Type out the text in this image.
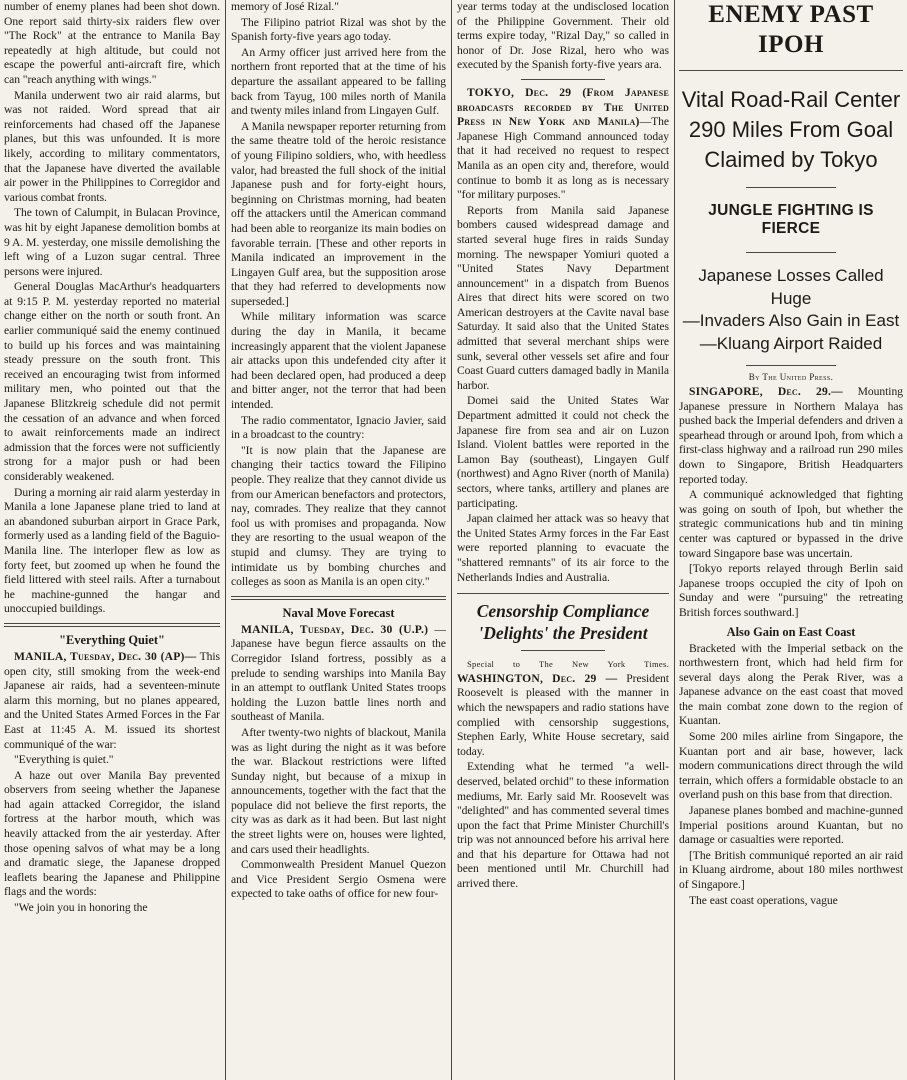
number of enemy planes had been shot down. One report said thirty-six raiders flew over "The Rock" at the entrance to Manila Bay repeatedly at high altitude, but could not escape the powerful anti-aircraft fire, which can "reach anything with wings."

Manila underwent two air raid alarms, but was not raided. Word spread that air reinforcements had chased off the Japanese planes, but this was unfounded. It is more likely, according to military commentators, that the Japanese have diverted the available air power in the Philippines to Corregidor and various combat fronts.

The town of Calumpit, in Bulacan Province, was hit by eight Japanese demolition bombs at 9 A. M. yesterday, one missile demolishing the left wing of a Luzon sugar central. Three persons were injured.

General Douglas MacArthur's headquarters at 9:15 P. M. yesterday reported no material change either on the north or south front. An earlier communiqué said the enemy continued to build up his forces and was maintaining steady pressure on the south front. This received an encouraging twist from informed military men, who pointed out that the Japanese Blitzkreig schedule did not permit the cessation of an advance and when forced to await reinforcements made an indirect admission that the forces were not sufficiently strong for a major push or had been considerably weakened.

During a morning air raid alarm yesterday in Manila a lone Japanese plane tried to land at an abandoned suburban airport in Grace Park, formerly used as a landing field of the Baguio-Manila line. The interloper flew as low as forty feet, but zoomed up when he found the field littered with steel rails. After a turnabout he machine-gunned the hangar and unoccupied buildings.

"Everything Quiet"

MANILA, Tuesday, Dec. 30 (AP)— This open city, still smoking from the week-end Japanese air raids, had a seventeen-minute alarm this morning, but no planes appeared, and the United States Armed Forces in the Far East at 11:45 A. M. issued its shortest communiqué of the war:

"Everything is quiet."

A haze out over Manila Bay prevented observers from seeing whether the Japanese had again attacked Corregidor, the island fortress at the harbor mouth, which was heavily attacked from the air yesterday. After those opening salvos of what may be a long and dramatic siege, the Japanese dropped leaflets bearing the Japanese and Philippine flags and the words:

"We join you in honoring the

memory of José Rizal."

The Filipino patriot Rizal was shot by the Spanish forty-five years ago today.

An Army officer just arrived here from the northern front reported that at the time of his departure the assailant appeared to be falling back from Tayug, 100 miles north of Manila and twenty miles inland from Lingayen Gulf.

A Manila newspaper reporter returning from the same theatre told of the heroic resistance of young Filipino soldiers, who, with heedless valor, had breasted the full shock of the initial Japanese push and for forty-eight hours, beginning on Christmas morning, had beaten off the attackers until the American command had been able to reorganize its main bodies on favorable terrain. [These and other reports in Manila indicated an improvement in the Lingayen Gulf area, but the supposition arose that they had referred to developments now superseded.]

While military information was scarce during the day in Manila, it became increasingly apparent that the violent Japanese air attacks upon this undefended city after it had been declared open, had produced a deep and bitter anger, not the terror that had been intended.

The radio commentator, Ignacio Javier, said in a broadcast to the country:

"It is now plain that the Japanese are changing their tactics toward the Filipino people. They realize that they cannot divide us from our American benefactors and protectors, nay, comrades. They realize that they cannot fool us with promises and propaganda. Now they are resorting to the usual weapon of the stupid and clumsy. They are trying to intimidate us by bombing churches and colleges as soon as Manila is an open city."

Naval Move Forecast

MANILA, Tuesday, Dec. 30 (U.P.) —Japanese have begun fierce assaults on the Corregidor Island fortress, possibly as a prelude to sending warships into Manila Bay in an attempt to outflank United States troops holding the Luzon battle lines north and southeast of Manila.

After twenty-two nights of blackout, Manila was as light during the night as it was before the war. Blackout restrictions were lifted Sunday night, but because of a mixup in announcements, together with the fact that the populace did not believe the first reports, the city was as dark as it had been. But last night the street lights were on, houses were lighted, and cars used their headlights.

Commonwealth President Manuel Quezon and Vice President Sergio Osmena were expected to take oaths of office for new four-

year terms today at the undisclosed location of the Philippine Government. Their old terms expire today, "Rizal Day," so called in honor of Dr. Jose Rizal, hero who was executed by the Spanish forty-five years ara.

TOKYO, Dec. 29 (From Japanese broadcasts recorded by The United Press in New York and Manila)—The Japanese High Command announced today that it had received no request to respect Manila as an open city and, therefore, would continue to bomb it as long as is necessary "for military purposes."

Reports from Manila said Japanese bombers caused widespread damage and started several huge fires in raids Sunday morning. The newspaper Yomiuri quoted a "United States Navy Department announcement" in a dispatch from Buenos Aires that direct hits were scored on two American destroyers at the Cavite naval base Saturday. It said also that the United States admitted that several merchant ships were sunk, several other vessels set afire and four Coast Guard cutters damaged badly in Manila harbor.

Domei said the United States War Department admitted it could not check the Japanese fire from sea and air on Luzon Island. Violent battles were reported in the Lamon Bay (southeast), Lingayen Gulf (northwest) and Agno River (north of Manila) sectors, where tanks, artillery and planes are participating.

Japan claimed her attack was so heavy that the United States Army forces in the Far East were reported planning to evacuate the "shattered remnants" of its air force to the Netherlands Indies and Australia.

Censorship Compliance
'Delights' the President

Special to The New York Times. WASHINGTON, Dec. 29 — President Roosevelt is pleased with the manner in which the newspapers and radio stations have complied with censorship suggestions, Stephen Early, White House secretary, said today.

Extending what he termed "a well-deserved, belated orchid" to these information mediums, Mr. Early said Mr. Roosevelt was "delighted" and has commented several times upon the fact that Prime Minister Churchill's trip was not announced before his arrival here and that his departure for Ottawa had not been mentioned until Mr. Churchill had arrived there.

ENEMY PAST IPOH
Vital Road-Rail Center
290 Miles From Goal
Claimed by Tokyo
JUNGLE FIGHTING IS FIERCE
Japanese Losses Called Huge
—Invaders Also Gain in East
—Kluang Airport Raided
By The United Press.

SINGAPORE, Dec. 29.— Mounting Japanese pressure in Northern Malaya has pushed back the Imperial defenders and driven a spearhead through or around Ipoh, from which a first-class highway and a railroad run 290 miles down to Singapore, British Headquarters reported today.

A communiqué acknowledged that fighting was going on south of Ipoh, but whether the strategic communications hub and tin mining center was captured or bypassed in the drive toward Singapore base was uncertain.

[Tokyo reports relayed through Berlin said Japanese troops occupied the city of Ipoh on Sunday and were "pursuing" the retreating British forces southward.]

Also Gain on East Coast

Bracketed with the Imperial setback on the northwestern front, which had held firm for several days along the Perak River, was a Japanese advance on the east coast that moved the main combat zone down to the region of Kuantan.

Some 200 miles airline from Singapore, the Kuantan port and air base, however, lack modern communications direct through the wild terrain, which offers a formidable obstacle to an overland push on this base from that direction.

Japanese planes bombed and machine-gunned Imperial positions around Kuantan, but no damage or casualties were reported.

[The British communiqué reported an air raid in Kluang airdrome, about 180 miles northwest of Singapore.]

The east coast operations, vague
